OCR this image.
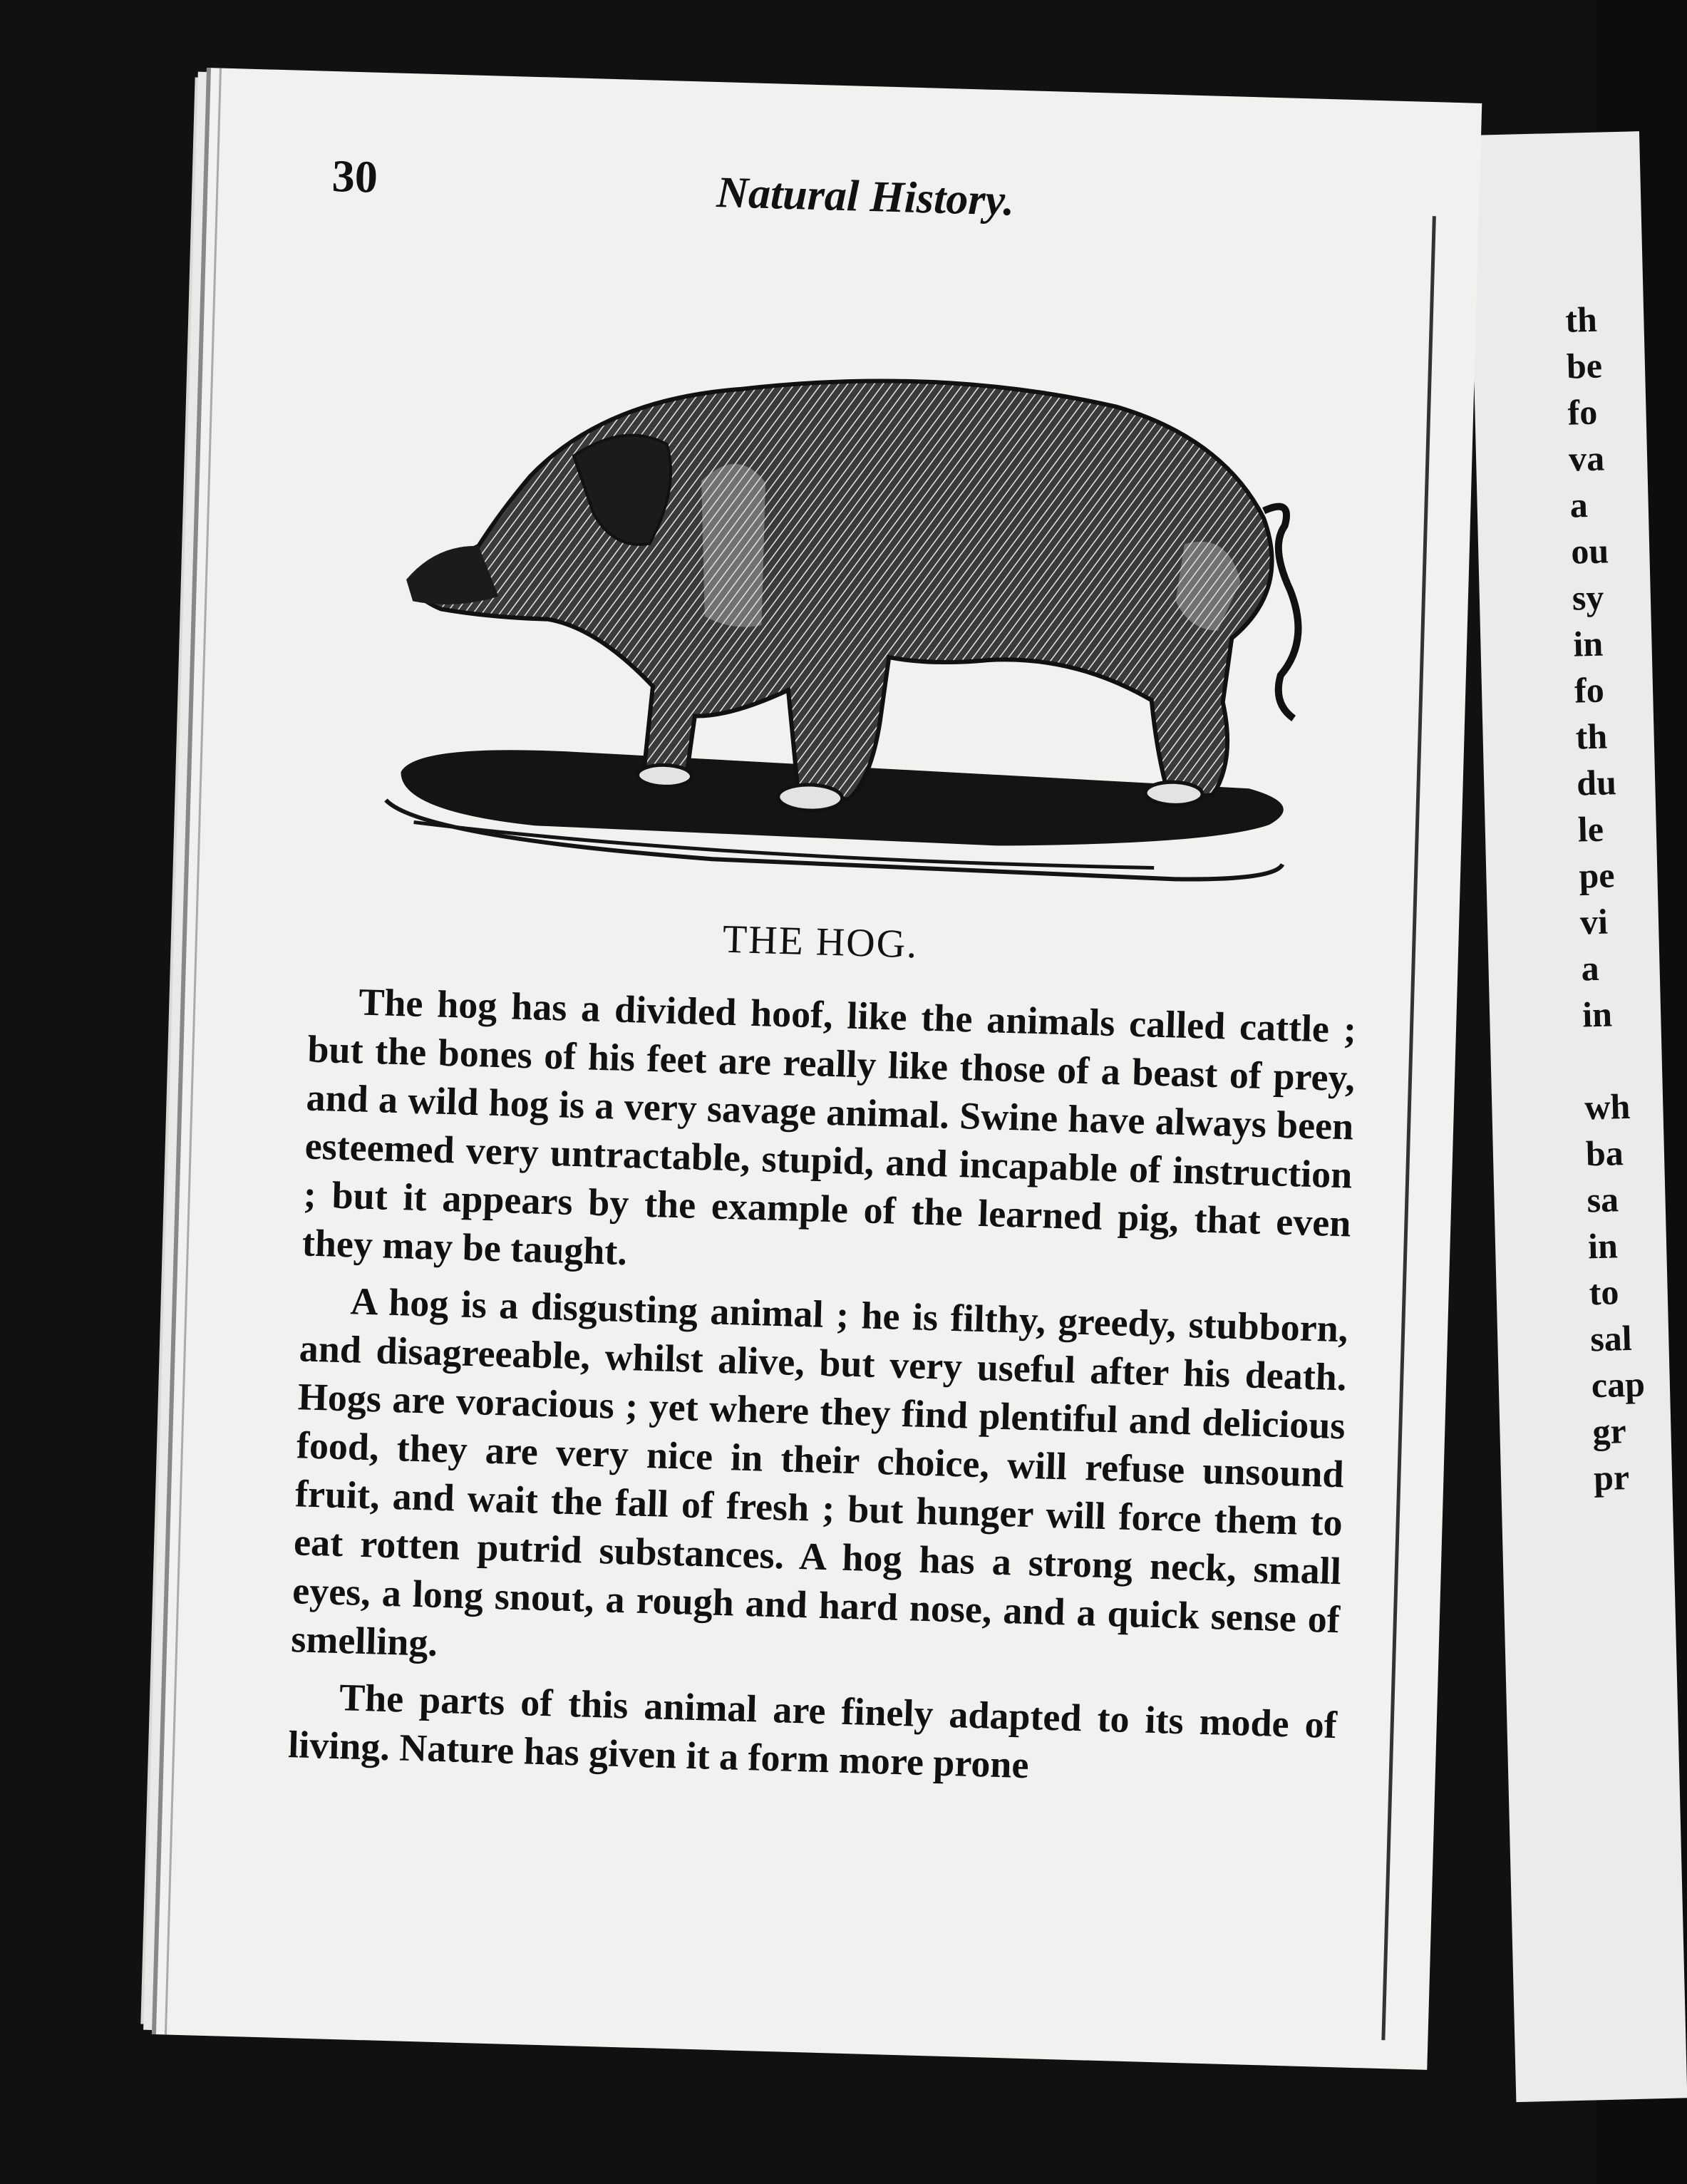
th
be
fo
va
a
ou
sy
in
fo
th
du
le
pe
vi
a
in

wh
ba
sa
in
to
sal
cap
gr
pr
30	Natural History.
THE HOG.

The hog has a divided hoof, like the animals called cattle ; but the bones of his feet are really like those of a beast of prey, and a wild hog is a very savage animal. Swine have always been esteemed very untractable, stupid, and incapable of instruction ; but it appears by the example of the learned pig, that even they may be taught.

A hog is a disgusting animal ; he is filthy, greedy, stubborn, and disagreeable, whilst alive, but very useful after his death. Hogs are voracious ; yet where they find plentiful and delicious food, they are very nice in their choice, will refuse unsound fruit, and wait the fall of fresh ; but hunger will force them to eat rotten putrid substances. A hog has a strong neck, small eyes, a long snout, a rough and hard nose, and a quick sense of smelling.

The parts of this animal are finely adapted to its mode of living. Nature has given it a form more prone
